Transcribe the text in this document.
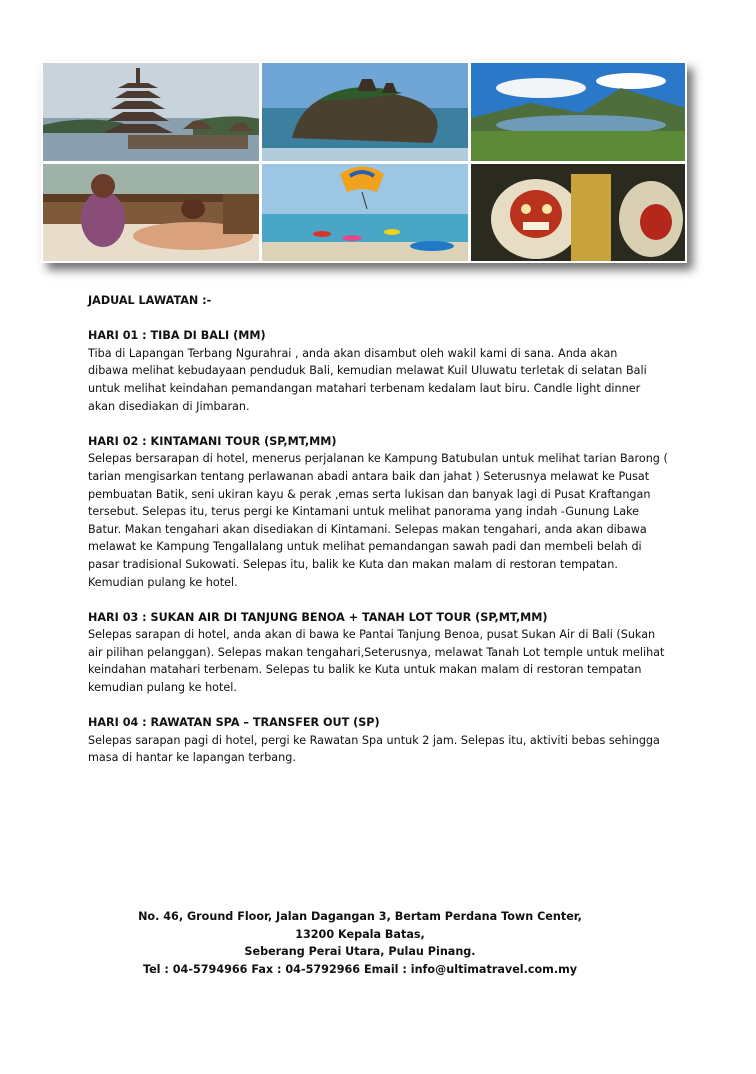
JADUAL LAWATAN :-

HARI 01 : TIBA DI BALI (MM)

Tiba di Lapangan Terbang Ngurahrai , anda akan disambut oleh wakil kami di sana. Anda akan

dibawa melihat kebudayaan penduduk Bali, kemudian melawat Kuil Uluwatu terletak di selatan Bali

untuk melihat keindahan pemandangan matahari terbenam kedalam laut biru. Candle light dinner

akan disediakan di Jimbaran.

HARI 02 : KINTAMANI TOUR (SP,MT,MM)

Selepas bersarapan di hotel, menerus perjalanan ke Kampung Batubulan untuk melihat tarian Barong (

tarian mengisarkan tentang perlawanan abadi antara baik dan jahat ) Seterusnya melawat ke Pusat

pembuatan Batik, seni ukiran kayu & perak ,emas serta lukisan dan banyak lagi di Pusat Kraftangan

tersebut. Selepas itu, terus pergi ke Kintamani untuk melihat panorama yang indah -Gunung Lake

Batur. Makan tengahari akan disediakan di Kintamani. Selepas makan tengahari, anda akan dibawa

melawat ke Kampung Tengallalang untuk melihat pemandangan sawah padi dan membeli belah di

pasar tradisional Sukowati. Selepas itu, balik ke Kuta dan makan malam di restoran tempatan.

Kemudian pulang ke hotel.

HARI 03 : SUKAN AIR DI TANJUNG BENOA + TANAH LOT TOUR (SP,MT,MM)

Selepas sarapan di hotel, anda akan di bawa ke Pantai Tanjung Benoa, pusat Sukan Air di Bali (Sukan

air pilihan pelanggan). Selepas makan tengahari,Seterusnya, melawat Tanah Lot temple untuk melihat

keindahan matahari terbenam. Selepas tu balik ke Kuta untuk makan malam di restoran tempatan

kemudian pulang ke hotel.

HARI 04 : RAWATAN SPA – TRANSFER OUT (SP)

Selepas sarapan pagi di hotel, pergi ke Rawatan Spa untuk 2 jam. Selepas itu, aktiviti bebas sehingga

masa di hantar ke lapangan terbang.

No. 46, Ground Floor, Jalan Dagangan 3, Bertam Perdana Town Center,
13200 Kepala Batas,
Seberang Perai Utara, Pulau Pinang.
Tel : 04-5794966 Fax : 04-5792966 Email : info@ultimatravel.com.my
